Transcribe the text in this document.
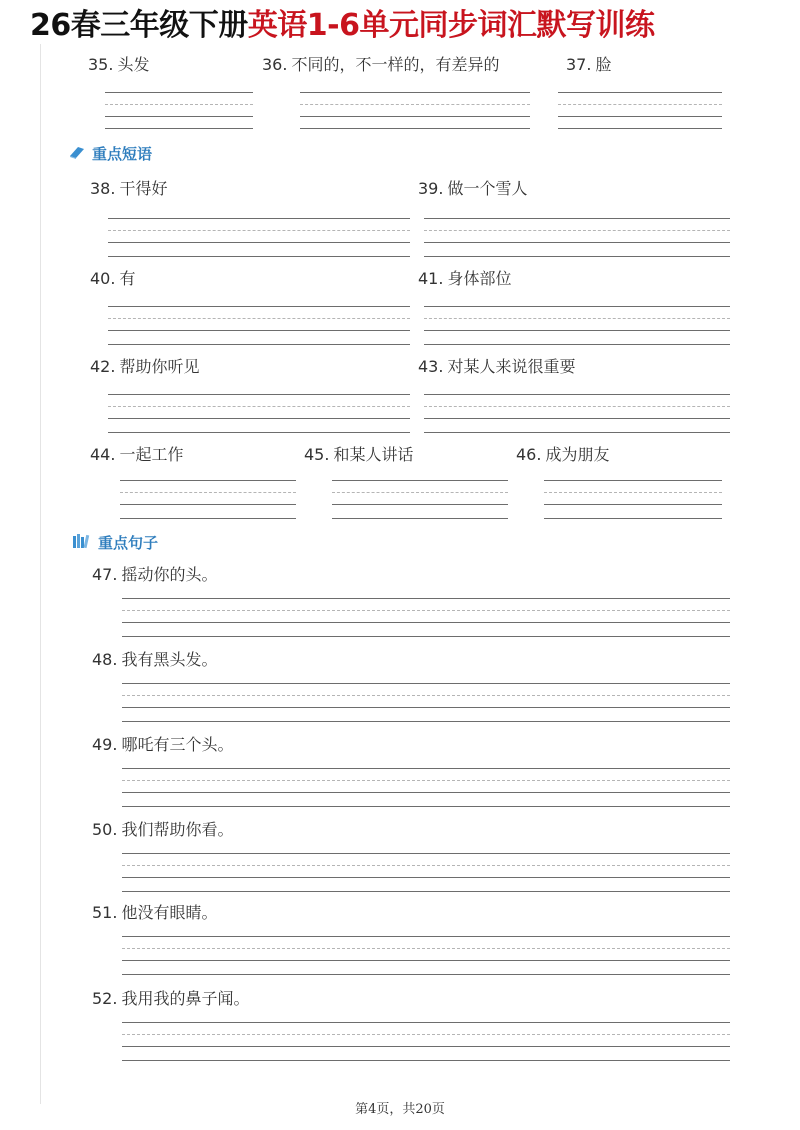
26春三年级下册英语1-6单元同步词汇默写训练
35. 头发	36. 不同的，不一样的，有差异的	37. 脸
重点短语
38. 干得好	39. 做一个雪人
40. 有	41. 身体部位
42. 帮助你听见	43. 对某人来说很重要
44. 一起工作	45. 和某人讲话	46. 成为朋友
重点句子
47. 摇动你的头。
48. 我有黑头发。
49. 哪吒有三个头。
50. 我们帮助你看。
51. 他没有眼睛。
52. 我用我的鼻子闻。
第4页，共20页
